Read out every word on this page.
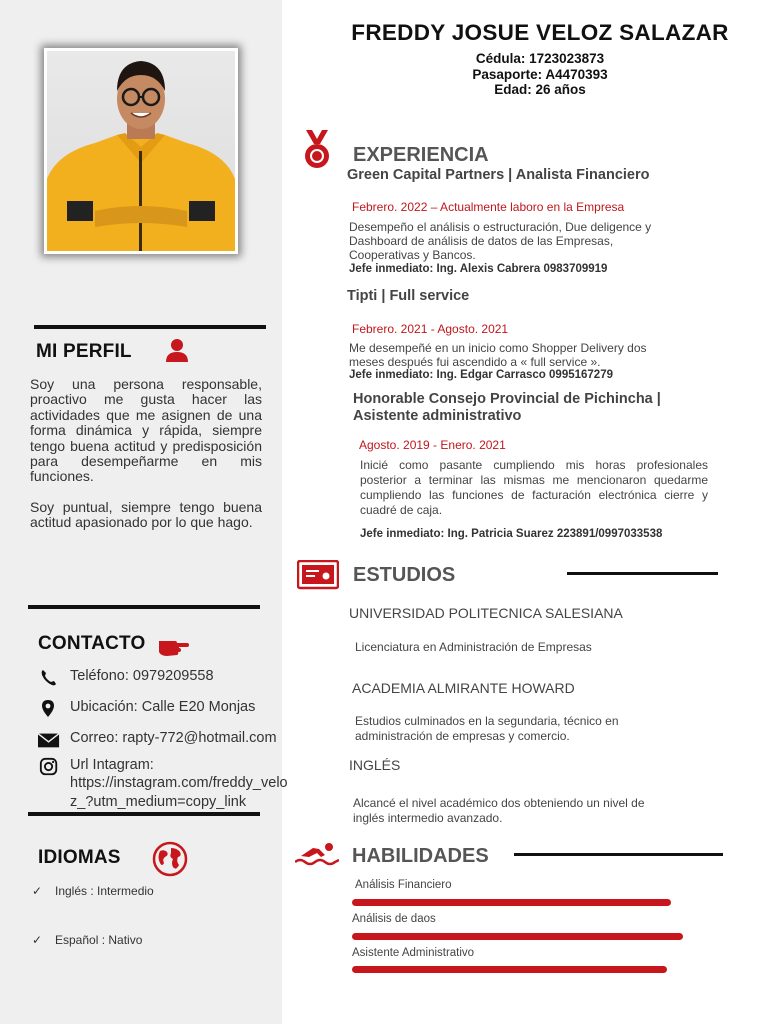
MI PERFIL

Soy una persona responsable, proactivo me gusta hacer las actividades que me asignen de una forma dinámica y rápida, siempre tengo buena actitud y predisposición para desempeñarme en mis funciones.

Soy puntual, siempre tengo buena actitud apasionado por lo que hago.

CONTACTO
Teléfono: 0979209558
Ubicación: Calle E20 Monjas
Correo: rapty-772@hotmail.com
Url Intagram:
https://instagram.com/freddy_velo
z_?utm_medium=copy_link
IDIOMAS
✓ Inglés : Intermedio
✓ Español : Nativo
FREDDY JOSUE VELOZ SALAZAR
Cédula: 1723023873
Pasaporte: A4470393
Edad: 26 años
EXPERIENCIA
Green Capital Partners | Analista Financiero
Febrero. 2022 – Actualmente laboro en la Empresa
Desempeño el análisis o estructuración, Due deligence y
Dashboard de análisis de datos de las Empresas,
Cooperativas y Bancos.
Jefe inmediato: Ing. Alexis Cabrera 0983709919
Tipti | Full service
Febrero. 2021 - Agosto. 2021
Me desempeñé en un inicio como Shopper Delivery dos
meses después fui ascendido a « full service ».
Jefe inmediato: Ing. Edgar Carrasco 0995167279
Honorable Consejo Provincial de Pichincha |
Asistente administrativo
Agosto. 2019 - Enero. 2021
Inicié como pasante cumpliendo mis horas profesionales posterior a terminar las mismas me mencionaron quedarme cumpliendo las funciones de facturación electrónica cierre y cuadré de caja.
Jefe inmediato: Ing. Patricia Suarez 223891/0997033538
ESTUDIOS
UNIVERSIDAD POLITECNICA SALESIANA
Licenciatura en Administración de Empresas
ACADEMIA ALMIRANTE HOWARD
Estudios culminados en la segundaria, técnico en
administración de empresas y comercio.
INGLÉS
Alcancé el nivel académico dos obteniendo un nivel de
inglés intermedio avanzado.
HABILIDADES
Análisis Financiero
Análisis de daos
Asistente Administrativo
